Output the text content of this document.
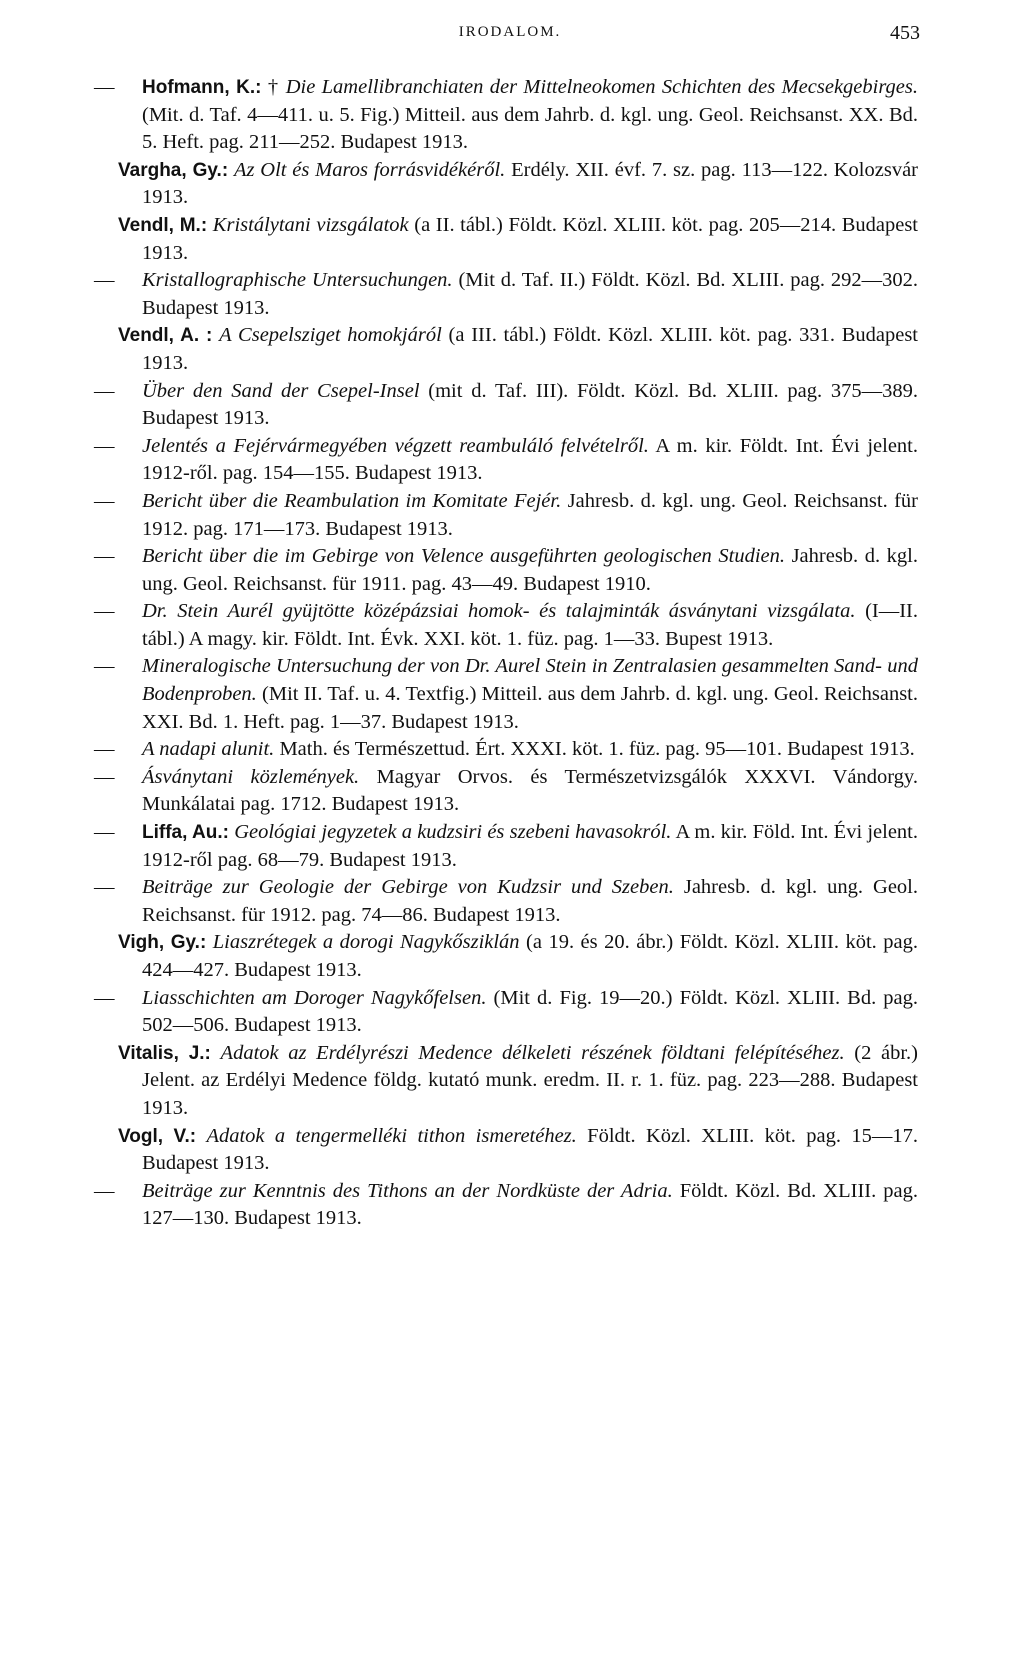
IRODALOM.	453

— Hofmann, K.: † Die Lamellibranchiaten der Mittelneokomen Schichten des Mecsekgebirges. (Mit. d. Taf. 4—411. u. 5. Fig.) Mitteil. aus dem Jahrb. d. kgl. ung. Geol. Reichsanst. XX. Bd. 5. Heft. pag. 211—252. Budapest 1913.

Vargha, Gy.: Az Olt és Maros forrásvidékéről. Erdély. XII. évf. 7. sz. pag. 113—122. Kolozsvár 1913.

Vendl, M.: Kristálytani vizsgálatok (a II. tábl.) Földt. Közl. XLIII. köt. pag. 205—214. Budapest 1913.

— Kristallographische Untersuchungen. (Mit d. Taf. II.) Földt. Közl. Bd. XLIII. pag. 292—302. Budapest 1913.

Vendl, A. : A Csepelsziget homokjáról (a III. tábl.) Földt. Közl. XLIII. köt. pag. 331. Budapest 1913.

— Über den Sand der Csepel-Insel (mit d. Taf. III). Földt. Közl. Bd. XLIII. pag. 375—389. Budapest 1913.

— Jelentés a Fejérvármegyében végzett reambuláló felvételről. A m. kir. Földt. Int. Évi jelent. 1912-ről. pag. 154—155. Budapest 1913.

— Bericht über die Reambulation im Komitate Fejér. Jahresb. d. kgl. ung. Geol. Reichsanst. für 1912. pag. 171—173. Budapest 1913.

— Bericht über die im Gebirge von Velence ausgeführten geologischen Studien. Jahresb. d. kgl. ung. Geol. Reichsanst. für 1911. pag. 43—49. Budapest 1910.

— Dr. Stein Aurél gyüjtötte középázsiai homok- és talajminták ásványtani vizsgálata. (I—II. tábl.) A magy. kir. Földt. Int. Évk. XXI. köt. 1. füz. pag. 1—33. Bupest 1913.

— Mineralogische Untersuchung der von Dr. Aurel Stein in Zentralasien gesammelten Sand- und Bodenproben. (Mit II. Taf. u. 4. Textfig.) Mitteil. aus dem Jahrb. d. kgl. ung. Geol. Reichsanst. XXI. Bd. 1. Heft. pag. 1—37. Budapest 1913.

— A nadapi alunit. Math. és Természettud. Ért. XXXI. köt. 1. füz. pag. 95—101. Budapest 1913.

— Ásványtani közlemények. Magyar Orvos. és Természetvizsgálók XXXVI. Vándorgy. Munkálatai pag. 1712. Budapest 1913.

— Liffa, Au.: Geológiai jegyzetek a kudzsiri és szebeni havasokról. A m. kir. Föld. Int. Évi jelent. 1912-ről pag. 68—79. Budapest 1913.

— Beiträge zur Geologie der Gebirge von Kudzsir und Szeben. Jahresb. d. kgl. ung. Geol. Reichsanst. für 1912. pag. 74—86. Budapest 1913.

Vigh, Gy.: Liaszrétegek a dorogi Nagykősziklán (a 19. és 20. ábr.) Földt. Közl. XLIII. köt. pag. 424—427. Budapest 1913.

— Liasschichten am Doroger Nagykőfelsen. (Mit d. Fig. 19—20.) Földt. Közl. XLIII. Bd. pag. 502—506. Budapest 1913.

Vitalis, J.: Adatok az Erdélyrészi Medence délkeleti részének földtani felépítéséhez. (2 ábr.) Jelent. az Erdélyi Medence földg. kutató munk. eredm. II. r. 1. füz. pag. 223—288. Budapest 1913.

Vogl, V.: Adatok a tengermelléki tithon ismeretéhez. Földt. Közl. XLIII. köt. pag. 15—17. Budapest 1913.

— Beiträge zur Kenntnis des Tithons an der Nordküste der Adria. Földt. Közl. Bd. XLIII. pag. 127—130. Budapest 1913.
